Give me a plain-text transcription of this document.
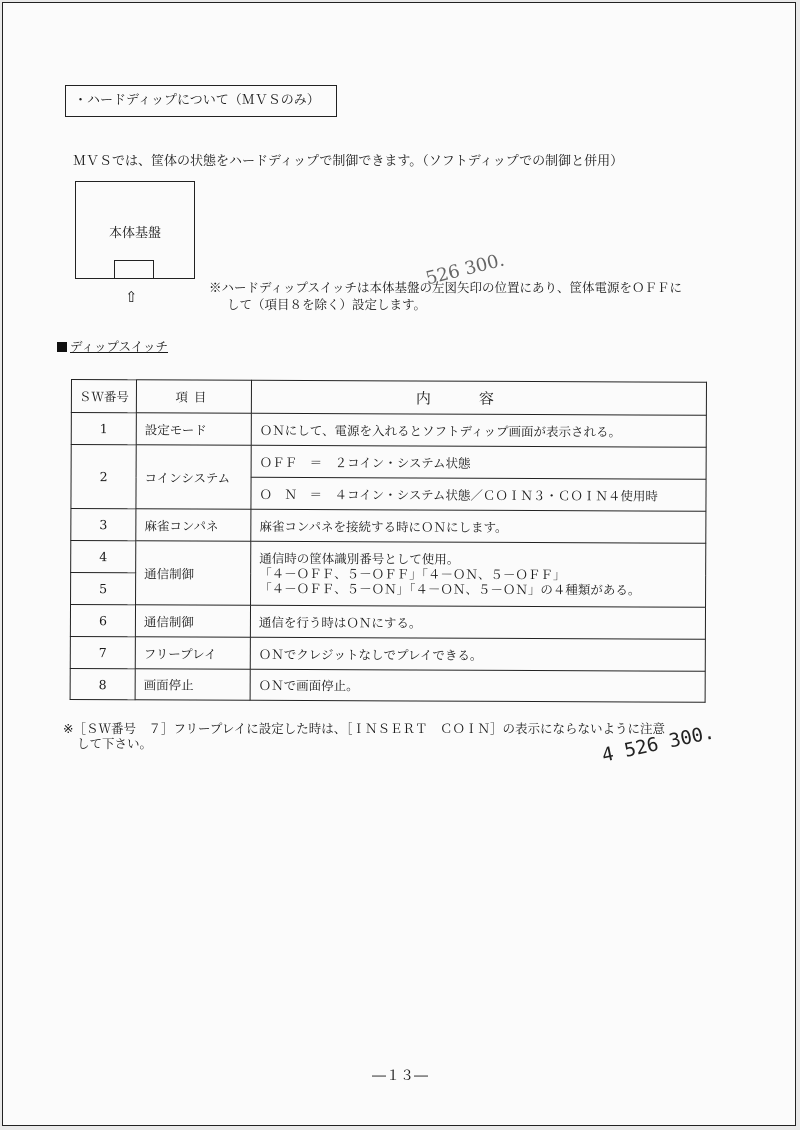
・ハードディップについて（ＭＶＳのみ）
ＭＶＳでは、筐体の状態をハードディップで制御できます。（ソフトディップでの制御と併用）
本体基盤
⇧
※ハードディップスイッチは本体基盤の左図矢印の位置にあり、筐体電源をＯＦＦに
して（項目８を除く）設定します。
526 300.
ディップスイッチ
ＳＷ番号	項目	内容
1	設定モード	ＯＮにして、電源を入れるとソフトディップ画面が表示される。
2	コインシステム	ＯＦＦ　＝　２コイン・システム状態
		Ｏ　Ｎ　＝　４コイン・システム状態／ＣＯＩＮ３・ＣＯＩＮ４使用時
3	麻雀コンパネ	麻雀コンパネを接続する時にＯＮにします。
4	通信制御	通信時の筐体識別番号として使用。
「４－ＯＦＦ、５－ＯＦＦ」「４－ＯＮ、５－ＯＦＦ」
「４－ＯＦＦ、５－ＯＮ」「４－ＯＮ、５－ＯＮ」の４種類がある。

5		
6	通信制御	通信を行う時はＯＮにする。
7	フリープレイ	ＯＮでクレジットなしでプレイできる。
8	画面停止	ＯＮで画面停止。
※［ＳＷ番号　７］フリープレイに設定した時は、［ＩＮＳＥＲＴ　ＣＯＩＮ］の表示にならないように注意
して下さい。	4 526 300.
―１３―
